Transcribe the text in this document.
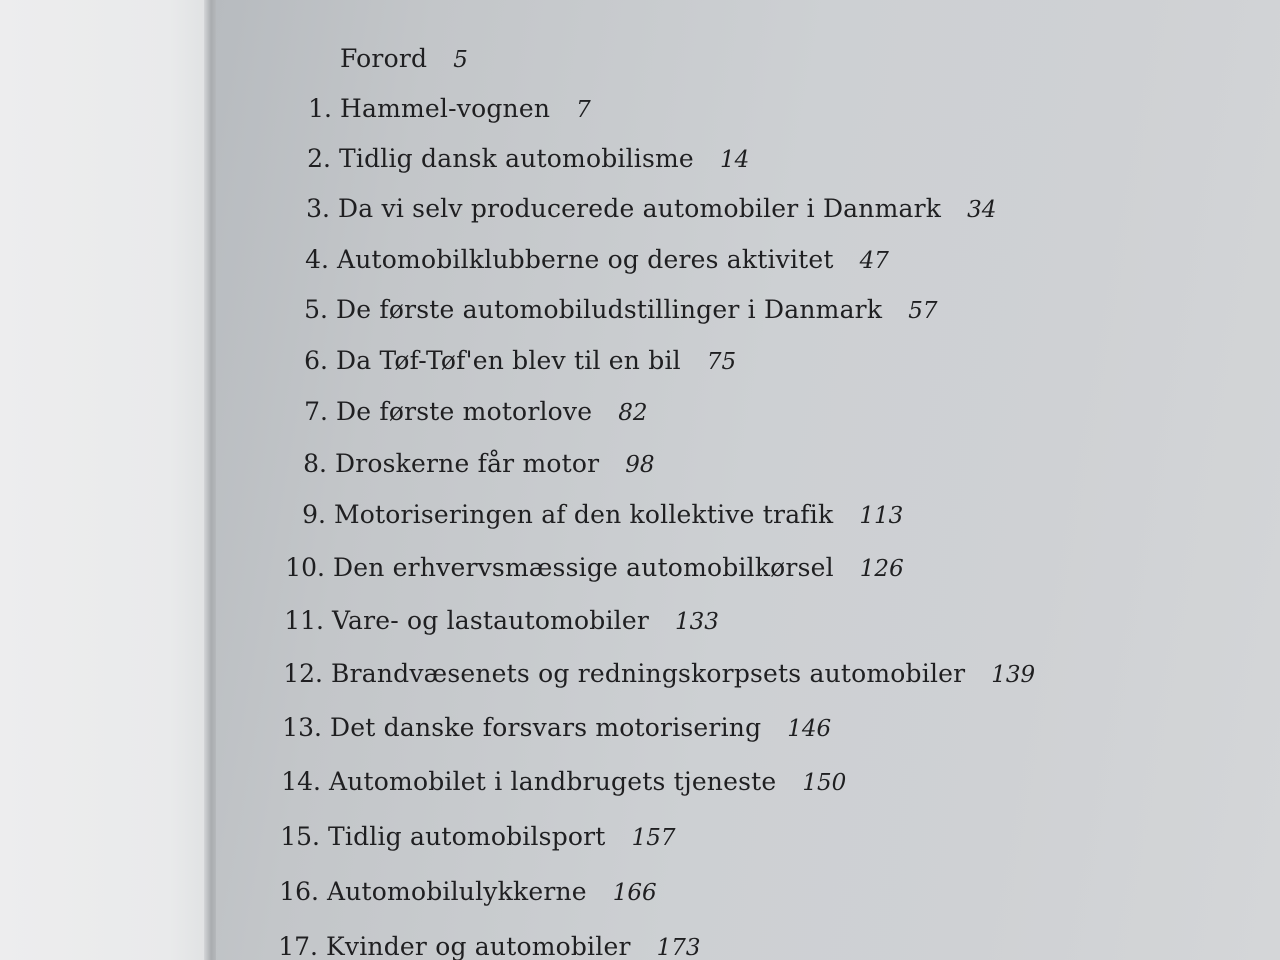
Forord 5
1. Hammel-vognen 7
2. Tidlig dansk automobilisme 14
3. Da vi selv producerede automobiler i Danmark 34
4. Automobilklubberne og deres aktivitet 47
5. De første automobiludstillinger i Danmark 57
6. Da Tøf-Tøf'en blev til en bil 75
7. De første motorlove 82
8. Droskerne får motor 98
9. Motoriseringen af den kollektive trafik 113
10. Den erhvervsmæssige automobilkørsel 126
11. Vare- og lastautomobiler 133
12. Brandvæsenets og redningskorpsets automobiler 139
13. Det danske forsvars motorisering 146
14. Automobilet i landbrugets tjeneste 150
15. Tidlig automobilsport 157
16. Automobilulykkerne 166
17. Kvinder og automobiler 173
